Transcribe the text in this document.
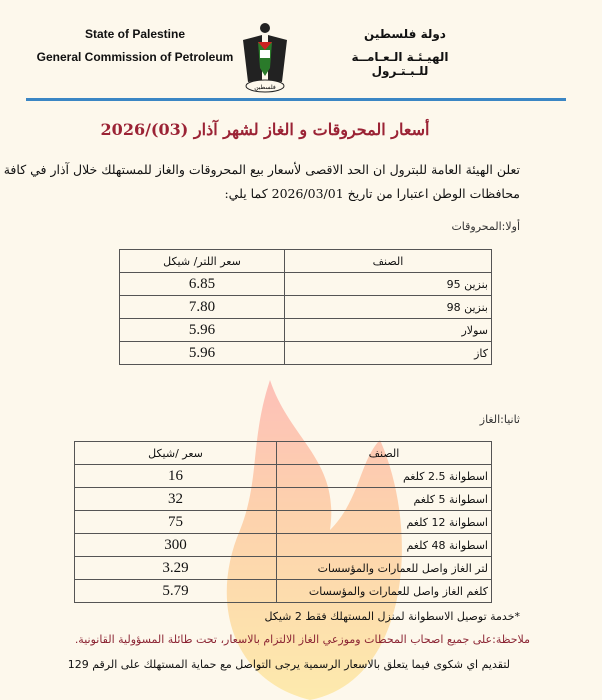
State of Palestine
General Commission of Petroleum
دولة فلسطين
الهيـئـة الـعـامــة للـبـتـرول
فلسطين
أسعار المحروقات و الغاز لشهر آذار (03)/2026
تعلن الهيئة العامة للبترول ان الحد الاقصى لأسعار بيع المحروقات والغاز للمستهلك خلال آذار في كافة
محافظات الوطن اعتبارا من تاريخ 2026/03/01 كما يلي:
أولا:المحروقات
الصنف	سعر اللتر/ شيكل
بنزين 95	6.85
بنزين 98	7.80
سولار	5.96
كاز	5.96
ثانيا:الغاز
الصنف	سعر /شيكل
اسطوانة 2.5 كلغم	16
اسطوانة 5 كلغم	32
اسطوانة 12 كلغم	75
اسطوانة 48 كلغم	300
لتر الغاز واصل للعمارات والمؤسسات	3.29
كلغم الغاز واصل للعمارات والمؤسسات	5.79
*خدمة توصيل الاسطوانة لمنزل المستهلك فقط 2 شيكل
ملاحظة:على جميع اصحاب المحطات وموزعي الغاز الالتزام بالاسعار، تحت طائلة المسؤولية القانونية.
لتقديم اي شكوى فيما يتعلق بالاسعار الرسمية يرجى التواصل مع حماية المستهلك على الرقم 129
